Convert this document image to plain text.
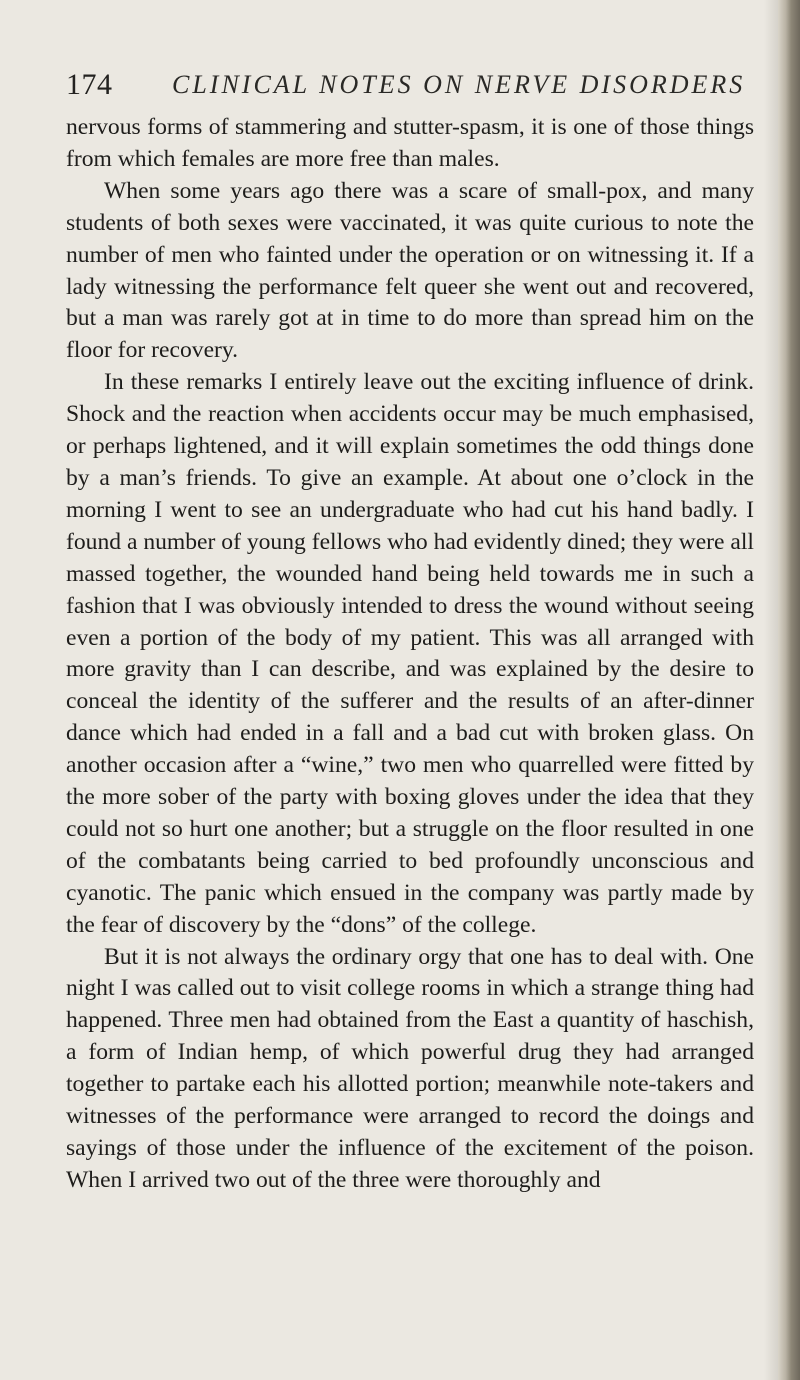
174 CLINICAL NOTES ON NERVE DISORDERS

nervous forms of stammering and stutter-spasm, it is one of those things from which females are more free than males.

When some years ago there was a scare of small-pox, and many students of both sexes were vaccinated, it was quite curious to note the number of men who fainted under the operation or on witnessing it. If a lady witnessing the performance felt queer she went out and recovered, but a man was rarely got at in time to do more than spread him on the floor for recovery.

In these remarks I entirely leave out the exciting influence of drink. Shock and the reaction when accidents occur may be much emphasised, or perhaps lightened, and it will explain sometimes the odd things done by a man’s friends. To give an example. At about one o’clock in the morning I went to see an undergraduate who had cut his hand badly. I found a number of young fellows who had evidently dined; they were all massed together, the wounded hand being held towards me in such a fashion that I was obviously intended to dress the wound without seeing even a portion of the body of my patient. This was all arranged with more gravity than I can describe, and was explained by the desire to conceal the identity of the sufferer and the results of an after-dinner dance which had ended in a fall and a bad cut with broken glass. On another occasion after a “wine,” two men who quarrelled were fitted by the more sober of the party with boxing gloves under the idea that they could not so hurt one another; but a struggle on the floor resulted in one of the combatants being carried to bed profoundly unconscious and cyanotic. The panic which ensued in the company was partly made by the fear of discovery by the “dons” of the college.

But it is not always the ordinary orgy that one has to deal with. One night I was called out to visit college rooms in which a strange thing had happened. Three men had obtained from the East a quantity of haschish, a form of Indian hemp, of which powerful drug they had arranged together to partake each his allotted portion; meanwhile note-takers and witnesses of the performance were arranged to record the doings and sayings of those under the influence of the excitement of the poison. When I arrived two out of the three were thoroughly and
